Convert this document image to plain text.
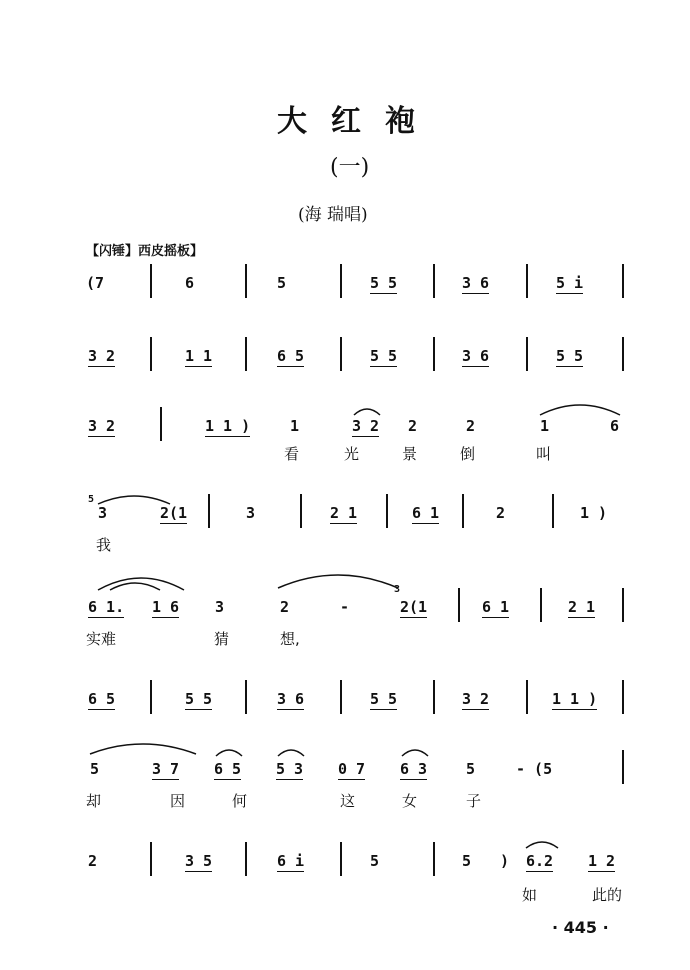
大红袍
(一)
(海 瑞唱)
【闪锤】西皮摇板】
(7	6	5	5 5	3 6	5 i
3 2	1 1	6 5	5 5	3 6	5 5
3 2	1 1 )	1	3 2 2	2	1	6
看	光	景	倒	叫
5
3	2(1	3	2 1	6 1	2	1 )
我
6 1. 1 6 3	2	-
3
2(1	6 1	2 1
实难	猜	想,
6 5	5 5	3 6	5 5	3 2	1 1 )
5	3 7 6 5 5 3 0 7 6 3	5	- (5
却	因	何	这	女	子
2	3 5	6 i	5	5 ) 6.2 1 2
如	此的
· 445 ·
